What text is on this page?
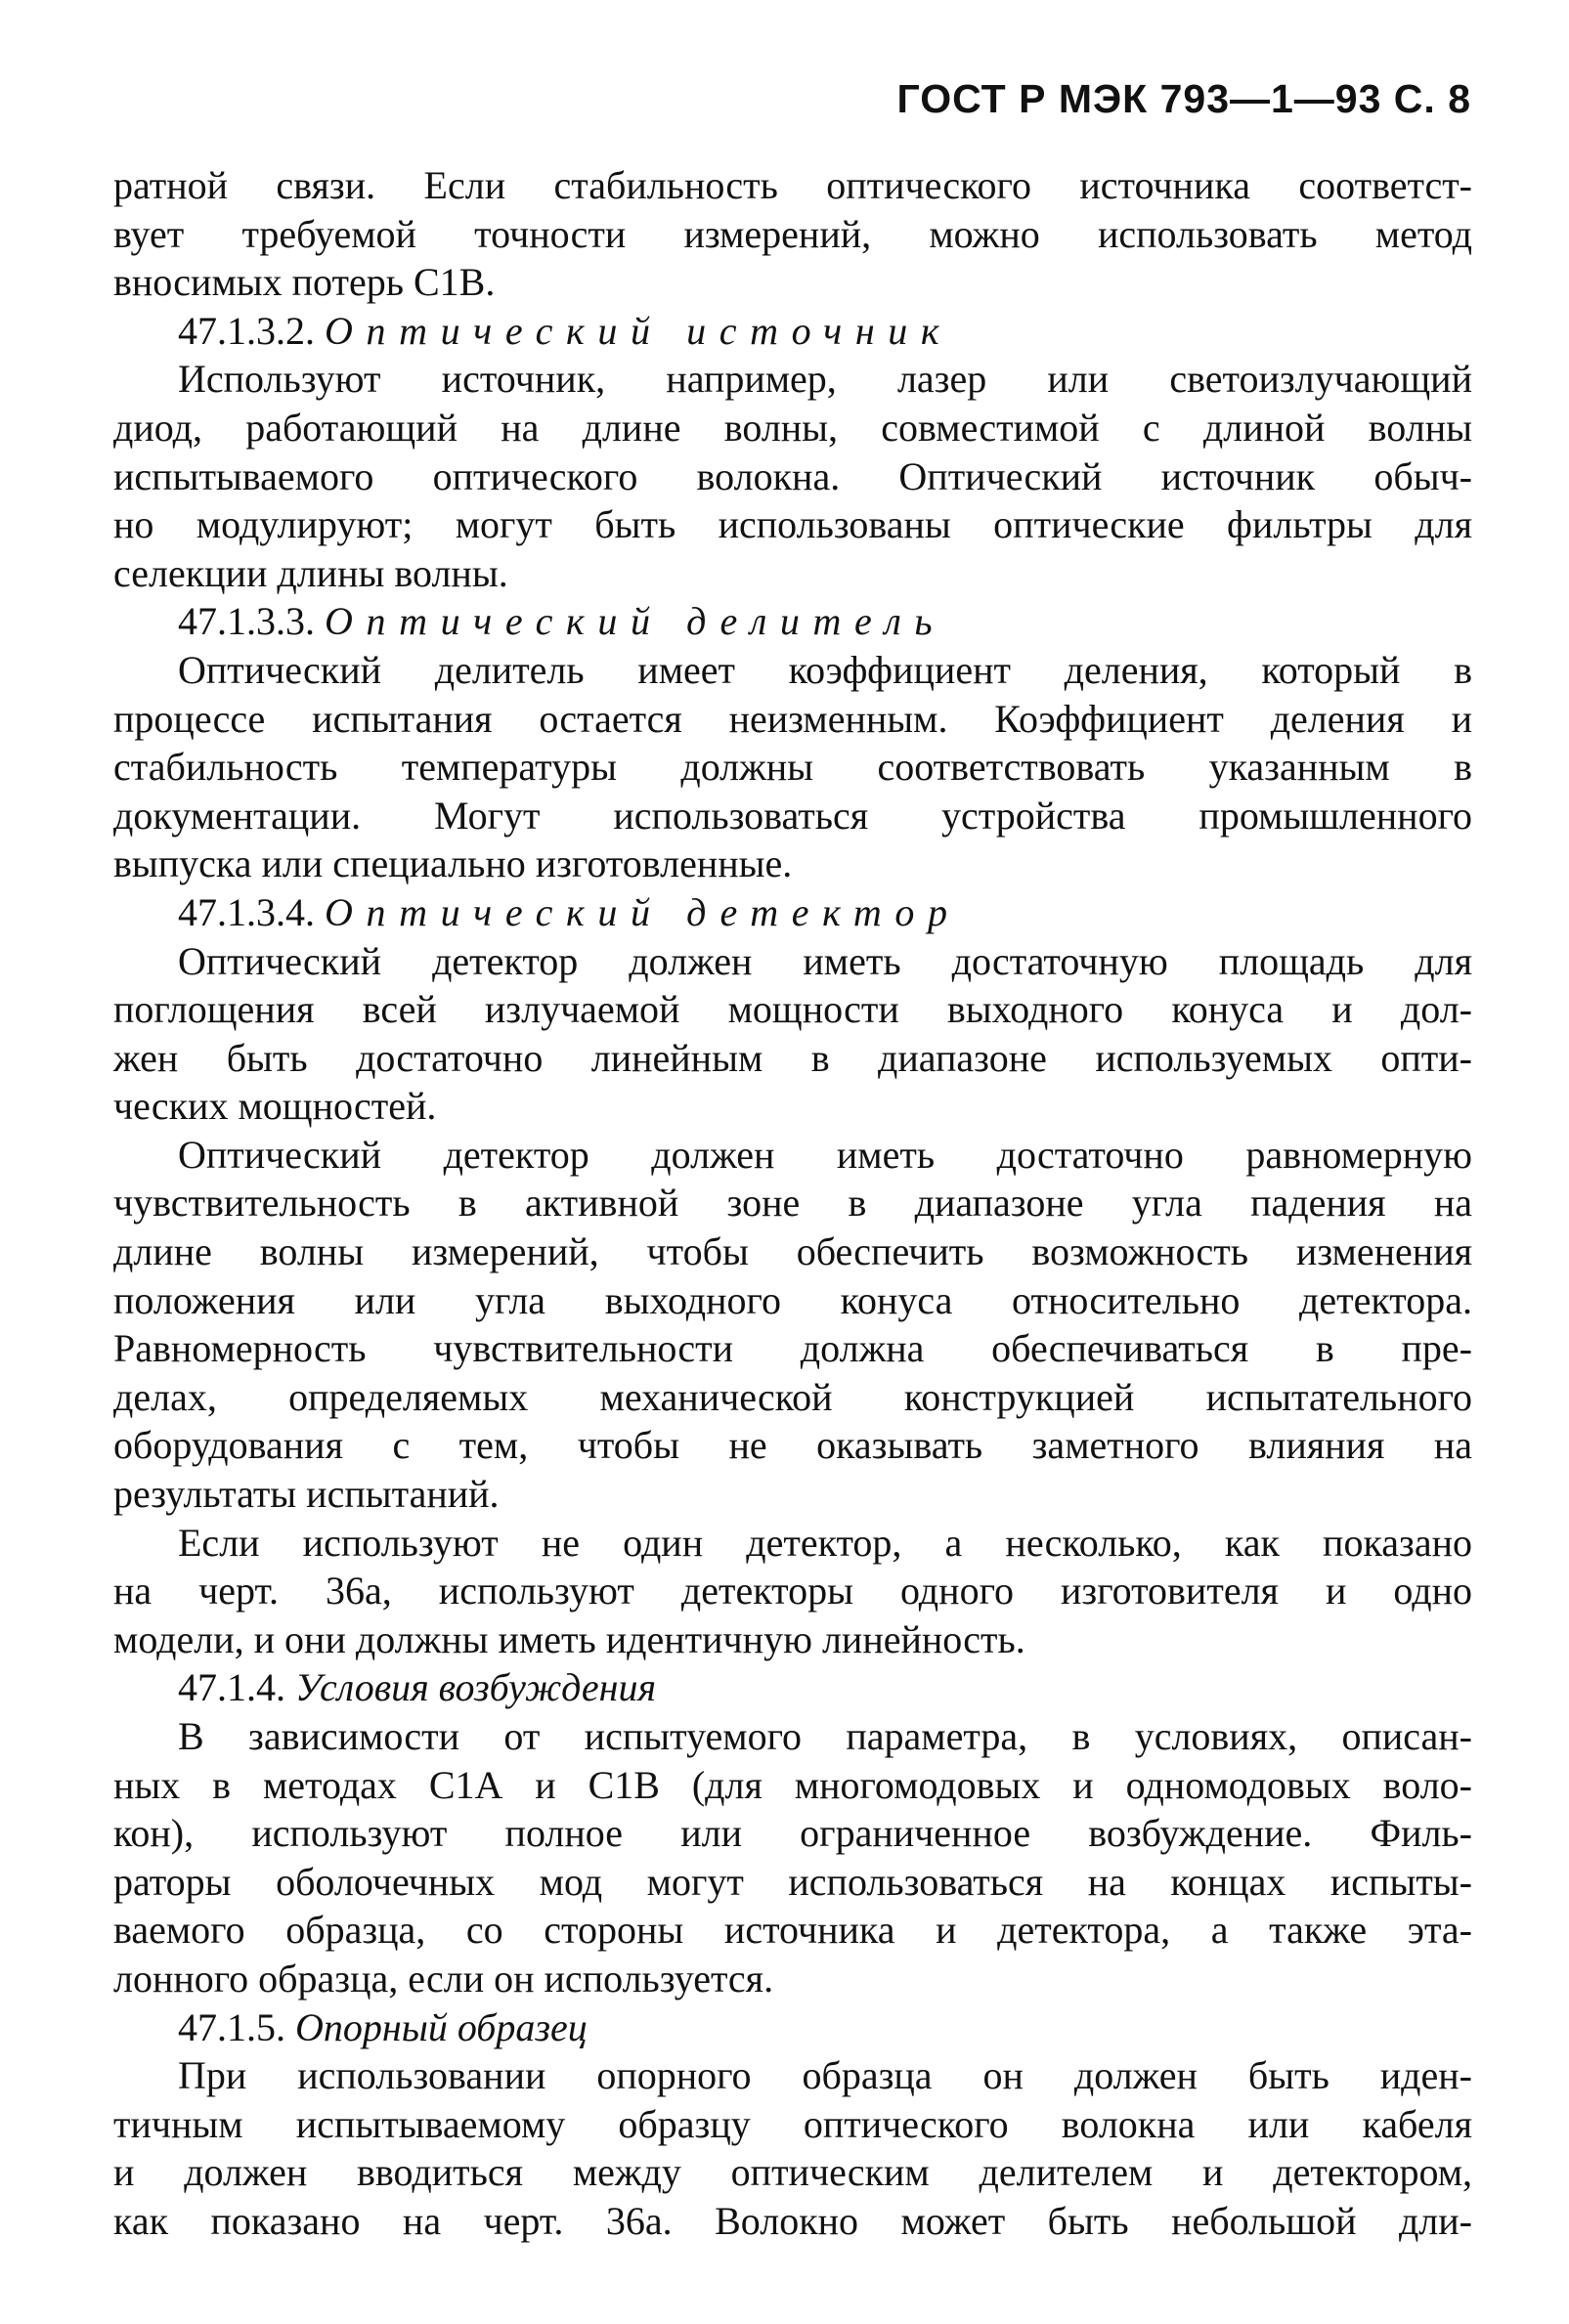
ГОСТ Р МЭК 793—1—93 С. 8
ратной связи. Если стабильность оптического источника соответст-
вует требуемой точности измерений, можно использовать метод
вносимых потерь С1В.
47.1.3.2. Оптический источник
Используют источник, например, лазер или светоизлучающий
диод, работающий на длине волны, совместимой с длиной волны
испытываемого оптического волокна. Оптический источник обыч-
но модулируют; могут быть использованы оптические фильтры для
селекции длины волны.
47.1.3.3. Оптический делитель
Оптический делитель имеет коэффициент деления, который в
процессе испытания остается неизменным. Коэффициент деления и
стабильность температуры должны соответствовать указанным в
документации. Могут использоваться устройства промышленного
выпуска или специально изготовленные.
47.1.3.4. Оптический детектор
Оптический детектор должен иметь достаточную площадь для
поглощения всей излучаемой мощности выходного конуса и дол-
жен быть достаточно линейным в диапазоне используемых опти-
ческих мощностей.
Оптический детектор должен иметь достаточно равномерную
чувствительность в активной зоне в диапазоне угла падения на
длине волны измерений, чтобы обеспечить возможность изменения
положения или угла выходного конуса относительно детектора.
Равномерность чувствительности должна обеспечиваться в пре-
делах, определяемых механической конструкцией испытательного
оборудования с тем, чтобы не оказывать заметного влияния на
результаты испытаний.
Если используют не один детектор, а несколько, как показано
на черт. 36а, используют детекторы одного изготовителя и одно
модели, и они должны иметь идентичную линейность.
47.1.4. Условия возбуждения
В зависимости от испытуемого параметра, в условиях, описан-
ных в методах С1А и С1В (для многомодовых и одномодовых воло-
кон), используют полное или ограниченное возбуждение. Филь-
раторы оболочечных мод могут использоваться на концах испыты-
ваемого образца, со стороны источника и детектора, а также эта-
лонного образца, если он используется.
47.1.5. Опорный образец
При использовании опорного образца он должен быть иден-
тичным испытываемому образцу оптического волокна или кабеля
и должен вводиться между оптическим делителем и детектором,
как показано на черт. 36а. Волокно может быть небольшой дли-
